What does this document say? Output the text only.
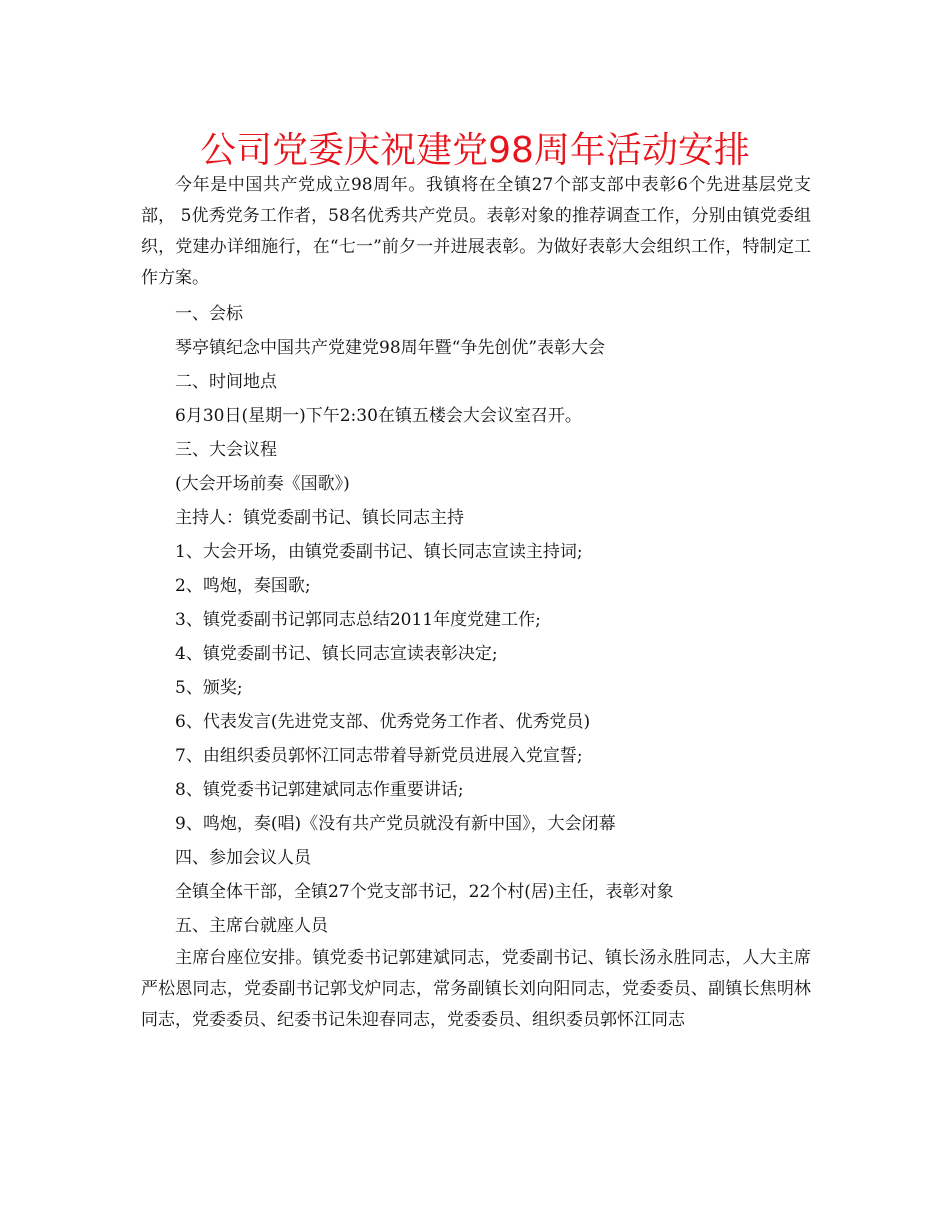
公司党委庆祝建党98周年活动安排

今年是中国共产党成立98周年。我镇将在全镇27个部支部中表彰6个先进基层党支部， 5优秀党务工作者，58名优秀共产党员。表彰对象的推荐调查工作，分别由镇党委组织，党建办详细施行，在“七一”前夕一并进展表彰。为做好表彰大会组织工作，特制定工作方案。

一、会标

琴亭镇纪念中国共产党建党98周年暨“争先创优”表彰大会

二、时间地点

6月30日(星期一)下午2:30在镇五楼会大会议室召开。

三、大会议程

(大会开场前奏《国歌》)

主持人：镇党委副书记、镇长同志主持

1、大会开场，由镇党委副书记、镇长同志宣读主持词;

2、鸣炮，奏国歌;

3、镇党委副书记郭同志总结2011年度党建工作;

4、镇党委副书记、镇长同志宣读表彰决定;

5、颁奖;

6、代表发言(先进党支部、优秀党务工作者、优秀党员)

7、由组织委员郭怀江同志带着导新党员进展入党宣誓;

8、镇党委书记郭建斌同志作重要讲话;

9、鸣炮，奏(唱)《没有共产党员就没有新中国》，大会闭幕

四、参加会议人员

全镇全体干部，全镇27个党支部书记，22个村(居)主任，表彰对象

五、主席台就座人员

主席台座位安排。镇党委书记郭建斌同志，党委副书记、镇长汤永胜同志，人大主席严松恩同志，党委副书记郭戈炉同志，常务副镇长刘向阳同志，党委委员、副镇长焦明林同志，党委委员、纪委书记朱迎春同志，党委委员、组织委员郭怀江同志
